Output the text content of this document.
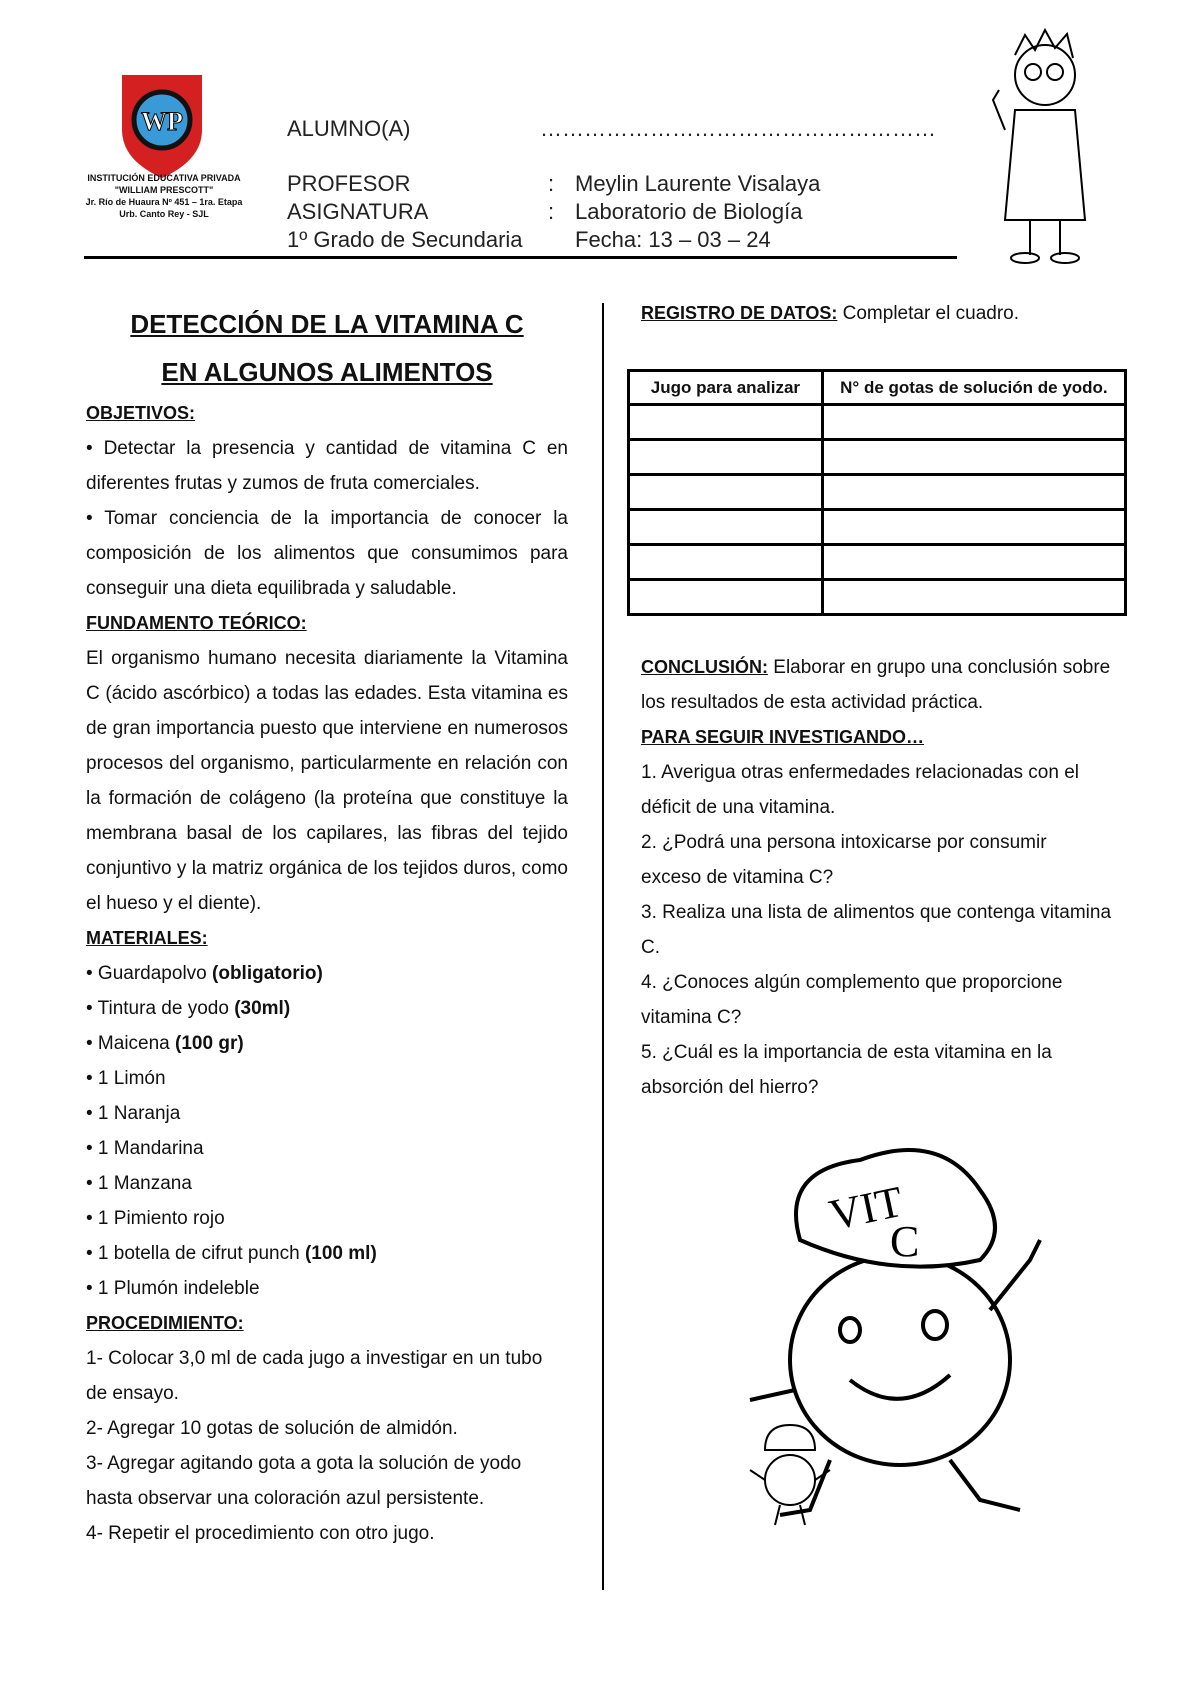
WP
IEP
INSTITUCIÓN EDUCATIVA PRIVADA
"WILLIAM PRESCOTT"
Jr. Río de Huaura Nº 451 – 1ra. Etapa
Urb. Canto Rey - SJL
ALUMNO(A)	………………………………………………
PROFESOR	: Meylin Laurente Visalaya
ASIGNATURA	: Laboratorio de Biología
1º Grado de Secundaria Fecha: 13 – 03 – 24
DETECCIÓN DE LA VITAMINA C
EN ALGUNOS ALIMENTOS
OBJETIVOS:
• Detectar la presencia y cantidad de vitamina C en diferentes frutas y zumos de fruta comerciales.
• Tomar conciencia de la importancia de conocer la composición de los alimentos que consumimos para conseguir una dieta equilibrada y saludable.
FUNDAMENTO TEÓRICO:
El organismo humano necesita diariamente la Vitamina C (ácido ascórbico) a todas las edades. Esta vitamina es de gran importancia puesto que interviene en numerosos procesos del organismo, particularmente en relación con la formación de colágeno (la proteína que constituye la membrana basal de los capilares, las fibras del tejido conjuntivo y la matriz orgánica de los tejidos duros, como el hueso y el diente).
MATERIALES:
• Guardapolvo (obligatorio)
• Tintura de yodo (30ml)
• Maicena (100 gr)
• 1 Limón
• 1 Naranja
• 1 Mandarina
• 1 Manzana
• 1 Pimiento rojo
• 1 botella de cifrut punch (100 ml)
• 1 Plumón indeleble
PROCEDIMIENTO:
1- Colocar 3,0 ml de cada jugo a investigar en un tubo de ensayo.
2- Agregar 10 gotas de solución de almidón.
3- Agregar agitando gota a gota la solución de yodo hasta observar una coloración azul persistente.
4- Repetir el procedimiento con otro jugo.
REGISTRO DE DATOS: Completar el cuadro.
Jugo para analizar	N° de gotas de solución de yodo.

CONCLUSIÓN: Elaborar en grupo una conclusión sobre los resultados de esta actividad práctica.
PARA SEGUIR INVESTIGANDO…
1. Averigua otras enfermedades relacionadas con el déficit de una vitamina.
2. ¿Podrá una persona intoxicarse por consumir exceso de vitamina C?
3. Realiza una lista de alimentos que contenga vitamina C.
4. ¿Conoces algún complemento que proporcione vitamina C?
5. ¿Cuál es la importancia de esta vitamina en la absorción del hierro?
VIT
C
